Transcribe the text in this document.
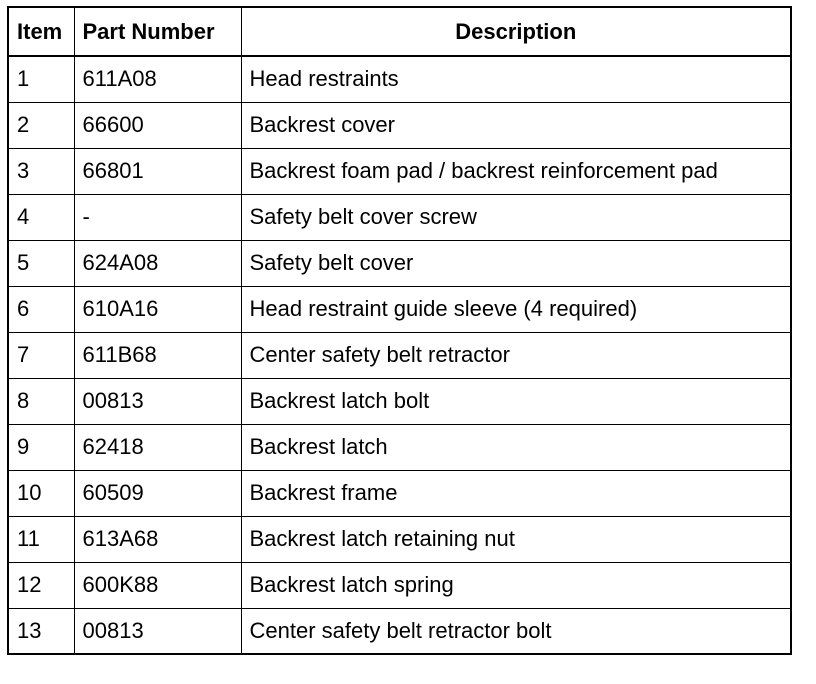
Item	Part Number	Description
1	611A08	Head restraints
2	66600	Backrest cover
3	66801	Backrest foam pad / backrest reinforcement pad
4	-	Safety belt cover screw
5	624A08	Safety belt cover
6	610A16	Head restraint guide sleeve (4 required)
7	611B68	Center safety belt retractor
8	00813	Backrest latch bolt
9	62418	Backrest latch
10	60509	Backrest frame
11	613A68	Backrest latch retaining nut
12	600K88	Backrest latch spring
13	00813	Center safety belt retractor bolt
